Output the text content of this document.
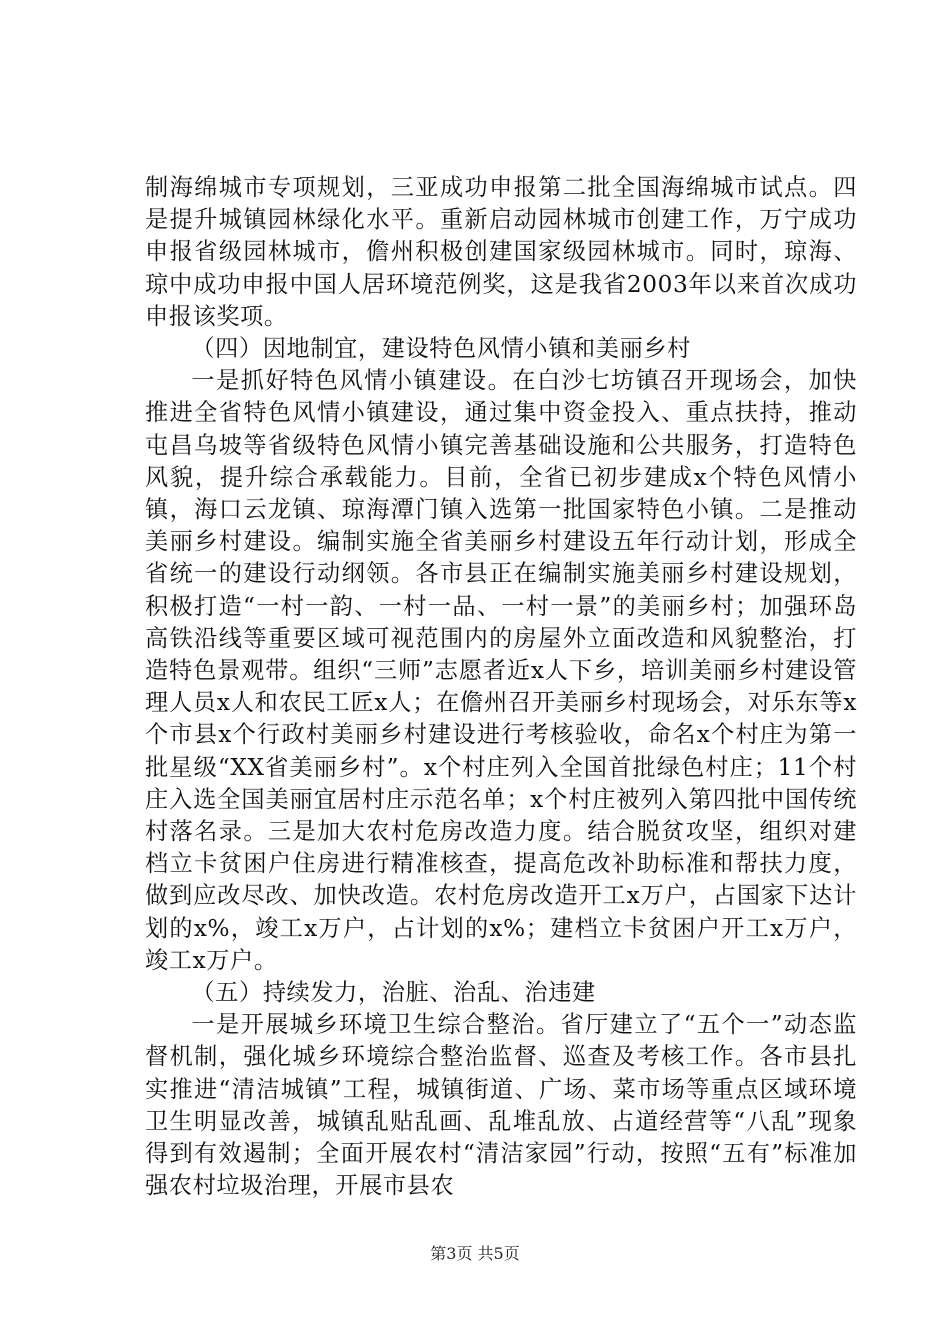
制海绵城市专项规划，三亚成功申报第二批全国海绵城市试点。四是提升城镇园林绿化水平。重新启动园林城市创建工作，万宁成功申报省级园林城市，儋州积极创建国家级园林城市。同时，琼海、琼中成功申报中国人居环境范例奖，这是我省2003年以来首次成功申报该奖项。

（四）因地制宜，建设特色风情小镇和美丽乡村

一是抓好特色风情小镇建设。在白沙七坊镇召开现场会，加快推进全省特色风情小镇建设，通过集中资金投入、重点扶持，推动屯昌乌坡等省级特色风情小镇完善基础设施和公共服务，打造特色风貌，提升综合承载能力。目前，全省已初步建成x个特色风情小镇，海口云龙镇、琼海潭门镇入选第一批国家特色小镇。二是推动美丽乡村建设。编制实施全省美丽乡村建设五年行动计划，形成全省统一的建设行动纲领。各市县正在编制实施美丽乡村建设规划，积极打造“一村一韵、一村一品、一村一景”的美丽乡村；加强环岛高铁沿线等重要区域可视范围内的房屋外立面改造和风貌整治，打造特色景观带。组织“三师”志愿者近x人下乡，培训美丽乡村建设管理人员x人和农民工匠x人；在儋州召开美丽乡村现场会，对乐东等x个市县x个行政村美丽乡村建设进行考核验收，命名x个村庄为第一批星级“XX省美丽乡村”。x个村庄列入全国首批绿色村庄；11个村庄入选全国美丽宜居村庄示范名单；x个村庄被列入第四批中国传统村落名录。三是加大农村危房改造力度。结合脱贫攻坚，组织对建档立卡贫困户住房进行精准核查，提高危改补助标准和帮扶力度，做到应改尽改、加快改造。农村危房改造开工x万户，占国家下达计划的x%，竣工x万户，占计划的x%；建档立卡贫困户开工x万户，竣工x万户。

（五）持续发力，治脏、治乱、治违建

一是开展城乡环境卫生综合整治。省厅建立了“五个一”动态监督机制，强化城乡环境综合整治监督、巡查及考核工作。各市县扎实推进“清洁城镇”工程，城镇街道、广场、菜市场等重点区域环境卫生明显改善，城镇乱贴乱画、乱堆乱放、占道经营等“八乱”现象得到有效遏制；全面开展农村“清洁家园”行动，按照“五有”标准加强农村垃圾治理，开展市县农

第3页 共5页
